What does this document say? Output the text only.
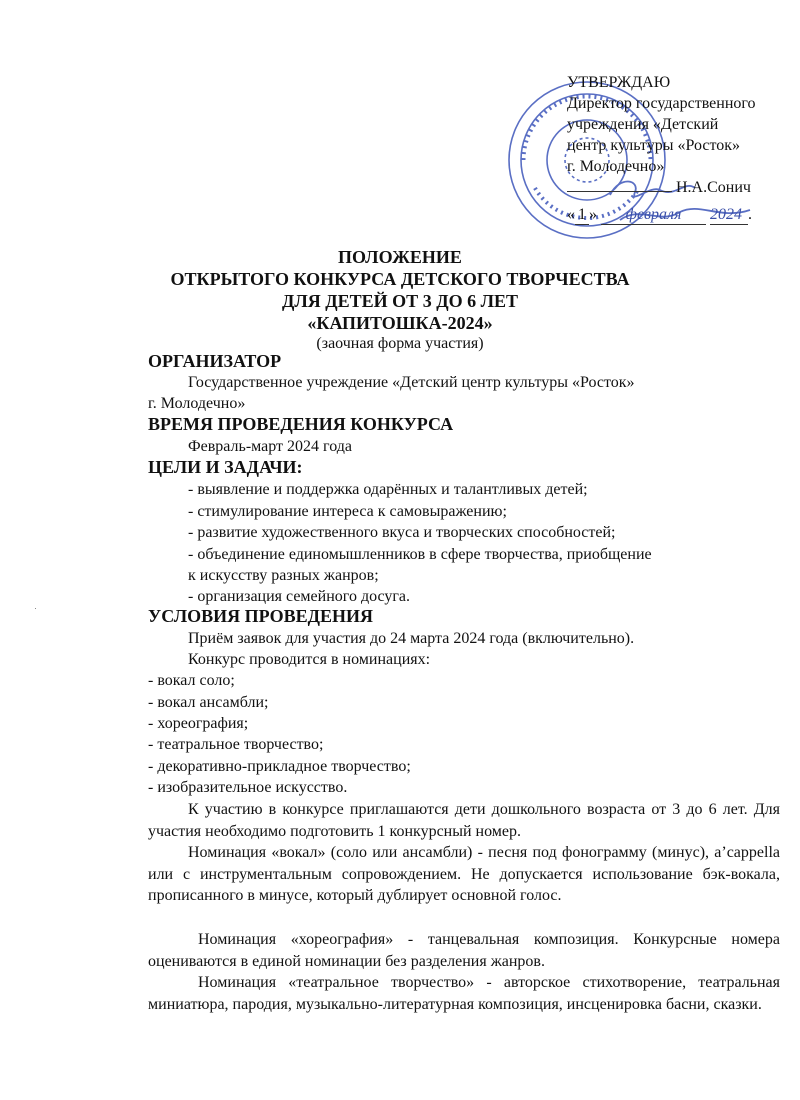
УТВЕРЖДАЮ
Директор государственного
учреждения «Детский
центр культуры «Росток»
г. Молодечно»
Н.А.Сонич
« 1 » февраля 2024 .
ПОЛОЖЕНИЕ
ОТКРЫТОГО КОНКУРСА ДЕТСКОГО ТВОРЧЕСТВА
ДЛЯ ДЕТЕЙ ОТ 3 ДО 6 ЛЕТ
«КАПИТОШКА-2024»
(заочная форма участия)
ОРГАНИЗАТОР
Государственное учреждение «Детский центр культуры «Росток»
г. Молодечно»
ВРЕМЯ ПРОВЕДЕНИЯ КОНКУРСА
Февраль-март 2024 года
ЦЕЛИ И ЗАДАЧИ:
- выявление и поддержка одарённых и талантливых детей;
- стимулирование интереса к самовыражению;
- развитие художественного вкуса и творческих способностей;
- объединение единомышленников в сфере творчества, приобщение
к искусству разных жанров;
- организация семейного досуга.
УСЛОВИЯ ПРОВЕДЕНИЯ
Приём заявок для участия до 24 марта 2024 года (включительно).
Конкурс проводится в номинациях:
- вокал соло;
- вокал ансамбли;
- хореография;
- театральное творчество;
- декоративно-прикладное творчество;
- изобразительное искусство.
К участию в конкурсе приглашаются дети дошкольного возраста от 3 до 6 лет. Для участия необходимо подготовить 1 конкурсный номер.
Номинация «вокал» (соло или ансамбли) - песня под фонограмму (минус), a’cappella или с инструментальным сопровождением. Не допускается использование бэк-вокала, прописанного в минусе, который дублирует основной голос.
Номинация «хореография» - танцевальная композиция. Конкурсные номера оцениваются в единой номинации без разделения жанров.
Номинация «театральное творчество» - авторское стихотворение, театральная миниатюра, пародия, музыкально-литературная композиция, инсценировка басни, сказки.
